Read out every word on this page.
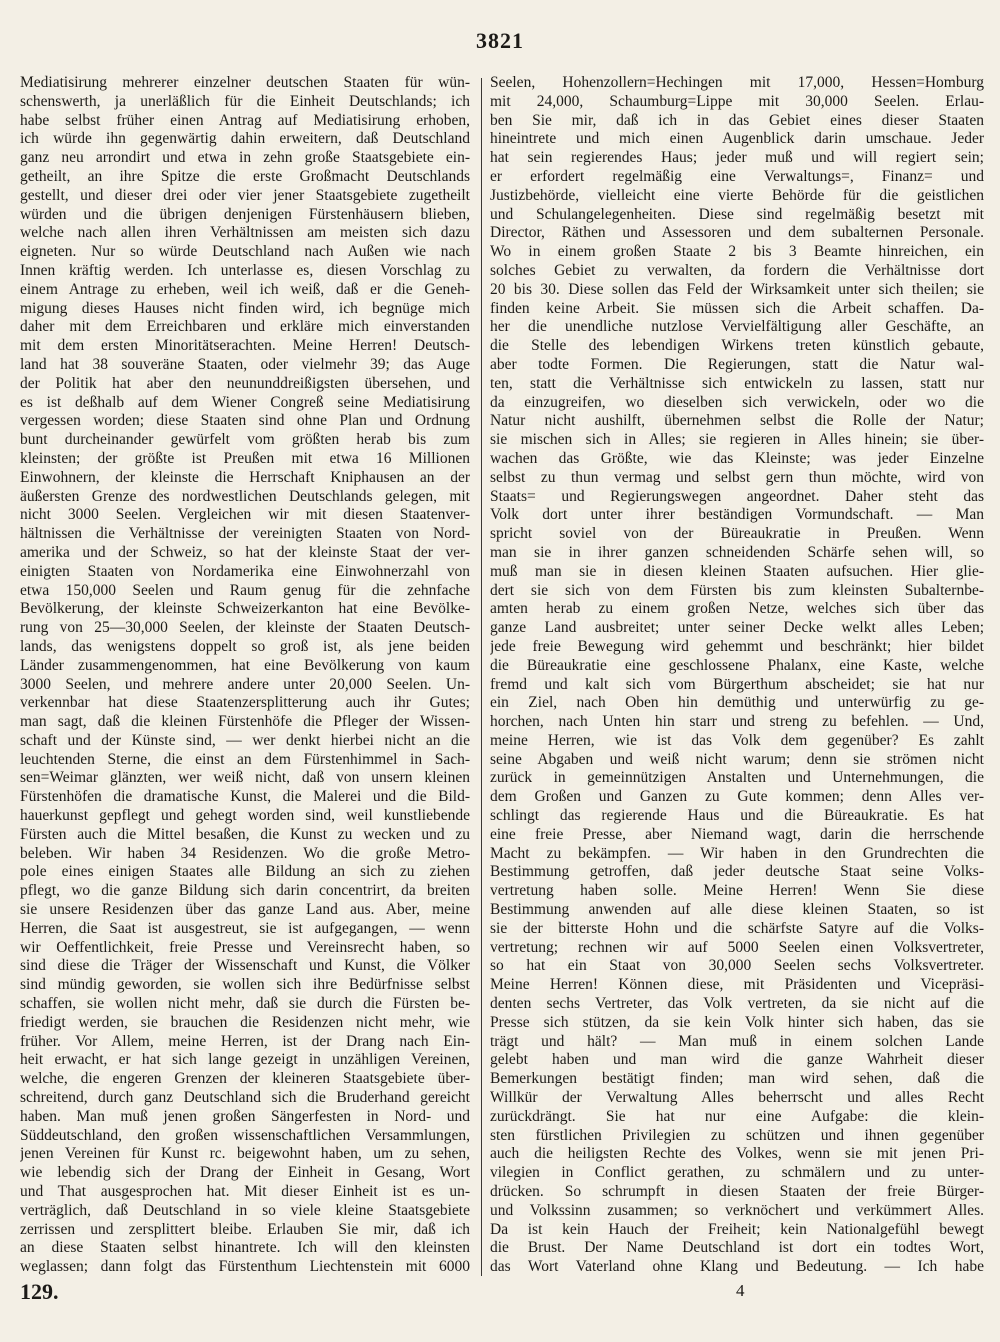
3821
Mediatisirung mehrerer einzelner deutschen Staaten für wün-
schenswerth, ja unerläßlich für die Einheit Deutschlands; ich
habe selbst früher einen Antrag auf Mediatisirung erhoben,
ich würde ihn gegenwärtig dahin erweitern, daß Deutschland
ganz neu arrondirt und etwa in zehn große Staatsgebiete ein-
getheilt, an ihre Spitze die erste Großmacht Deutschlands
gestellt, und dieser drei oder vier jener Staatsgebiete zugetheilt
würden und die übrigen denjenigen Fürstenhäusern blieben,
welche nach allen ihren Verhältnissen am meisten sich dazu
eigneten. Nur so würde Deutschland nach Außen wie nach
Innen kräftig werden. Ich unterlasse es, diesen Vorschlag zu
einem Antrage zu erheben, weil ich weiß, daß er die Geneh-
migung dieses Hauses nicht finden wird, ich begnüge mich
daher mit dem Erreichbaren und erkläre mich einverstanden
mit dem ersten Minoritätserachten. Meine Herren! Deutsch-
land hat 38 souveräne Staaten, oder vielmehr 39; das Auge
der Politik hat aber den neununddreißigsten übersehen, und
es ist deßhalb auf dem Wiener Congreß seine Mediatisirung
vergessen worden; diese Staaten sind ohne Plan und Ordnung
bunt durcheinander gewürfelt vom größten herab bis zum
kleinsten; der größte ist Preußen mit etwa 16 Millionen
Einwohnern, der kleinste die Herrschaft Kniphausen an der
äußersten Grenze des nordwestlichen Deutschlands gelegen, mit
nicht 3000 Seelen. Vergleichen wir mit diesen Staatenver-
hältnissen die Verhältnisse der vereinigten Staaten von Nord-
amerika und der Schweiz, so hat der kleinste Staat der ver-
einigten Staaten von Nordamerika eine Einwohnerzahl von
etwa 150,000 Seelen und Raum genug für die zehnfache
Bevölkerung, der kleinste Schweizerkanton hat eine Bevölke-
rung von 25—30,000 Seelen, der kleinste der Staaten Deutsch-
lands, das wenigstens doppelt so groß ist, als jene beiden
Länder zusammengenommen, hat eine Bevölkerung von kaum
3000 Seelen, und mehrere andere unter 20,000 Seelen. Un-
verkennbar hat diese Staatenzersplitterung auch ihr Gutes;
man sagt, daß die kleinen Fürstenhöfe die Pfleger der Wissen-
schaft und der Künste sind, — wer denkt hierbei nicht an die
leuchtenden Sterne, die einst an dem Fürstenhimmel in Sach-
sen=Weimar glänzten, wer weiß nicht, daß von unsern kleinen
Fürstenhöfen die dramatische Kunst, die Malerei und die Bild-
hauerkunst gepflegt und gehegt worden sind, weil kunstliebende
Fürsten auch die Mittel besaßen, die Kunst zu wecken und zu
beleben. Wir haben 34 Residenzen. Wo die große Metro-
pole eines einigen Staates alle Bildung an sich zu ziehen
pflegt, wo die ganze Bildung sich darin concentrirt, da breiten
sie unsere Residenzen über das ganze Land aus. Aber, meine
Herren, die Saat ist ausgestreut, sie ist aufgegangen, — wenn
wir Oeffentlichkeit, freie Presse und Vereinsrecht haben, so
sind diese die Träger der Wissenschaft und Kunst, die Völker
sind mündig geworden, sie wollen sich ihre Bedürfnisse selbst
schaffen, sie wollen nicht mehr, daß sie durch die Fürsten be-
friedigt werden, sie brauchen die Residenzen nicht mehr, wie
früher. Vor Allem, meine Herren, ist der Drang nach Ein-
heit erwacht, er hat sich lange gezeigt in unzähligen Vereinen,
welche, die engeren Grenzen der kleineren Staatsgebiete über-
schreitend, durch ganz Deutschland sich die Bruderhand gereicht
haben. Man muß jenen großen Sängerfesten in Nord- und
Süddeutschland, den großen wissenschaftlichen Versammlungen,
jenen Vereinen für Kunst rc. beigewohnt haben, um zu sehen,
wie lebendig sich der Drang der Einheit in Gesang, Wort
und That ausgesprochen hat. Mit dieser Einheit ist es un-
verträglich, daß Deutschland in so viele kleine Staatsgebiete
zerrissen und zersplittert bleibe. Erlauben Sie mir, daß ich
an diese Staaten selbst hinantrete. Ich will den kleinsten
weglassen; dann folgt das Fürstenthum Liechtenstein mit 6000
Seelen, Hohenzollern=Hechingen mit 17,000, Hessen=Homburg
mit 24,000, Schaumburg=Lippe mit 30,000 Seelen. Erlau-
ben Sie mir, daß ich in das Gebiet eines dieser Staaten
hineintrete und mich einen Augenblick darin umschaue. Jeder
hat sein regierendes Haus; jeder muß und will regiert sein;
er erfordert regelmäßig eine Verwaltungs=, Finanz= und
Justizbehörde, vielleicht eine vierte Behörde für die geistlichen
und Schulangelegenheiten. Diese sind regelmäßig besetzt mit
Director, Räthen und Assessoren und dem subalternen Personale.
Wo in einem großen Staate 2 bis 3 Beamte hinreichen, ein
solches Gebiet zu verwalten, da fordern die Verhältnisse dort
20 bis 30. Diese sollen das Feld der Wirksamkeit unter sich theilen; sie
finden keine Arbeit. Sie müssen sich die Arbeit schaffen. Da-
her die unendliche nutzlose Vervielfältigung aller Geschäfte, an
die Stelle des lebendigen Wirkens treten künstlich gebaute,
aber todte Formen. Die Regierungen, statt die Natur wal-
ten, statt die Verhältnisse sich entwickeln zu lassen, statt nur
da einzugreifen, wo dieselben sich verwickeln, oder wo die
Natur nicht aushilft, übernehmen selbst die Rolle der Natur;
sie mischen sich in Alles; sie regieren in Alles hinein; sie über-
wachen das Größte, wie das Kleinste; was jeder Einzelne
selbst zu thun vermag und selbst gern thun möchte, wird von
Staats= und Regierungswegen angeordnet. Daher steht das
Volk dort unter ihrer beständigen Vormundschaft. — Man
spricht soviel von der Büreaukratie in Preußen. Wenn
man sie in ihrer ganzen schneidenden Schärfe sehen will, so
muß man sie in diesen kleinen Staaten aufsuchen. Hier glie-
dert sie sich von dem Fürsten bis zum kleinsten Subalternbe-
amten herab zu einem großen Netze, welches sich über das
ganze Land ausbreitet; unter seiner Decke welkt alles Leben;
jede freie Bewegung wird gehemmt und beschränkt; hier bildet
die Büreaukratie eine geschlossene Phalanx, eine Kaste, welche
fremd und kalt sich vom Bürgerthum abscheidet; sie hat nur
ein Ziel, nach Oben hin demüthig und unterwürfig zu ge-
horchen, nach Unten hin starr und streng zu befehlen. — Und,
meine Herren, wie ist das Volk dem gegenüber? Es zahlt
seine Abgaben und weiß nicht warum; denn sie strömen nicht
zurück in gemeinnützigen Anstalten und Unternehmungen, die
dem Großen und Ganzen zu Gute kommen; denn Alles ver-
schlingt das regierende Haus und die Büreaukratie. Es hat
eine freie Presse, aber Niemand wagt, darin die herrschende
Macht zu bekämpfen. — Wir haben in den Grundrechten die
Bestimmung getroffen, daß jeder deutsche Staat seine Volks-
vertretung haben solle. Meine Herren! Wenn Sie diese
Bestimmung anwenden auf alle diese kleinen Staaten, so ist
sie der bitterste Hohn und die schärfste Satyre auf die Volks-
vertretung; rechnen wir auf 5000 Seelen einen Volksvertreter,
so hat ein Staat von 30,000 Seelen sechs Volksvertreter.
Meine Herren! Können diese, mit Präsidenten und Vicepräsi-
denten sechs Vertreter, das Volk vertreten, da sie nicht auf die
Presse sich stützen, da sie kein Volk hinter sich haben, das sie
trägt und hält? — Man muß in einem solchen Lande
gelebt haben und man wird die ganze Wahrheit dieser
Bemerkungen bestätigt finden; man wird sehen, daß die
Willkür der Verwaltung Alles beherrscht und alles Recht
zurückdrängt. Sie hat nur eine Aufgabe: die klein-
sten fürstlichen Privilegien zu schützen und ihnen gegenüber
auch die heiligsten Rechte des Volkes, wenn sie mit jenen Pri-
vilegien in Conflict gerathen, zu schmälern und zu unter-
drücken. So schrumpft in diesen Staaten der freie Bürger-
und Volkssinn zusammen; so verknöchert und verkümmert Alles.
Da ist kein Hauch der Freiheit; kein Nationalgefühl bewegt
die Brust. Der Name Deutschland ist dort ein todtes Wort,
das Wort Vaterland ohne Klang und Bedeutung. — Ich habe
129.	4
